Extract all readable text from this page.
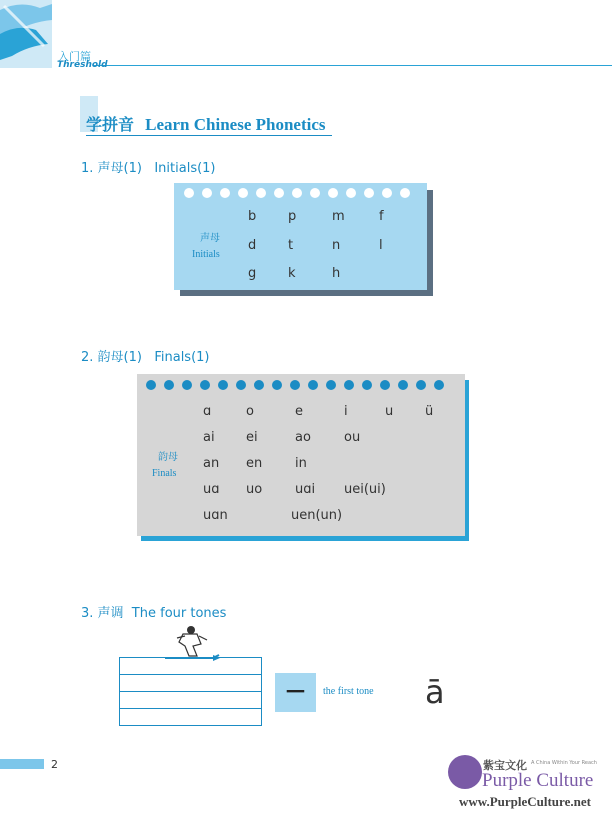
入门篇
Threshold
学拼音 Learn Chinese Phonetics
1. 声母(1)   Initials(1)
声母
Initials
b p	m	f
d t	n	l
g k	h
2. 韵母(1)   Finals(1)
韵母
Finals
ɑ	o	e	i	u ü
ai ei	ao	ou
an en	in
uɑ uo	uɑi uei(ui)
uɑn	uen(un)
3. 声调  The four tones
−	the first tone ā
2	紫宝文化 A China Within Your Reach
Purple Culture
www.PurpleCulture.net
